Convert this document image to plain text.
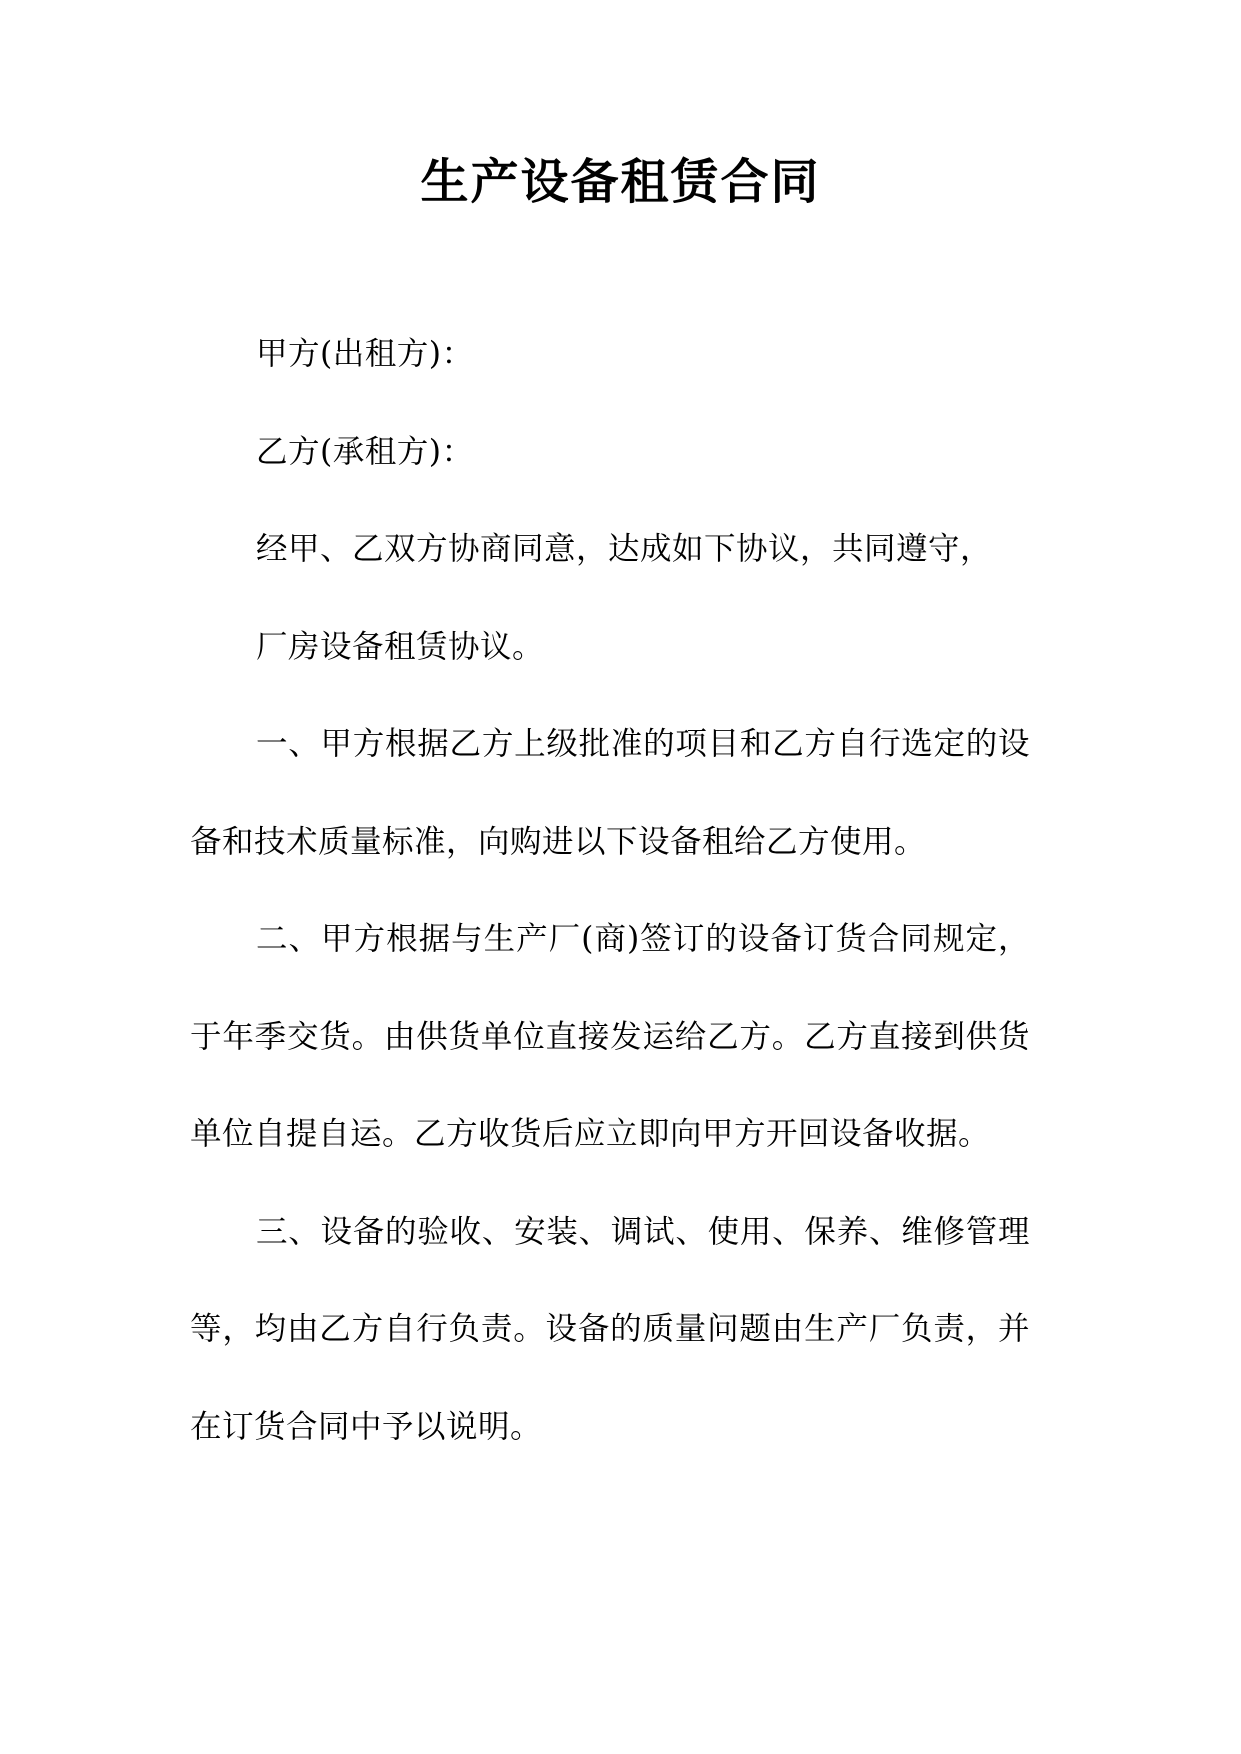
生产设备租赁合同

甲方(出租方)：

乙方(承租方)：

经甲、乙双方协商同意，达成如下协议，共同遵守，

厂房设备租赁协议。

一、甲方根据乙方上级批准的项目和乙方自行选定的设备和技术质量标准，向购进以下设备租给乙方使用。

二、甲方根据与生产厂(商)签订的设备订货合同规定，于年季交货。由供货单位直接发运给乙方。乙方直接到供货单位自提自运。乙方收货后应立即向甲方开回设备收据。

三、设备的验收、安装、调试、使用、保养、维修管理等，均由乙方自行负责。设备的质量问题由生产厂负责，并在订货合同中予以说明。
